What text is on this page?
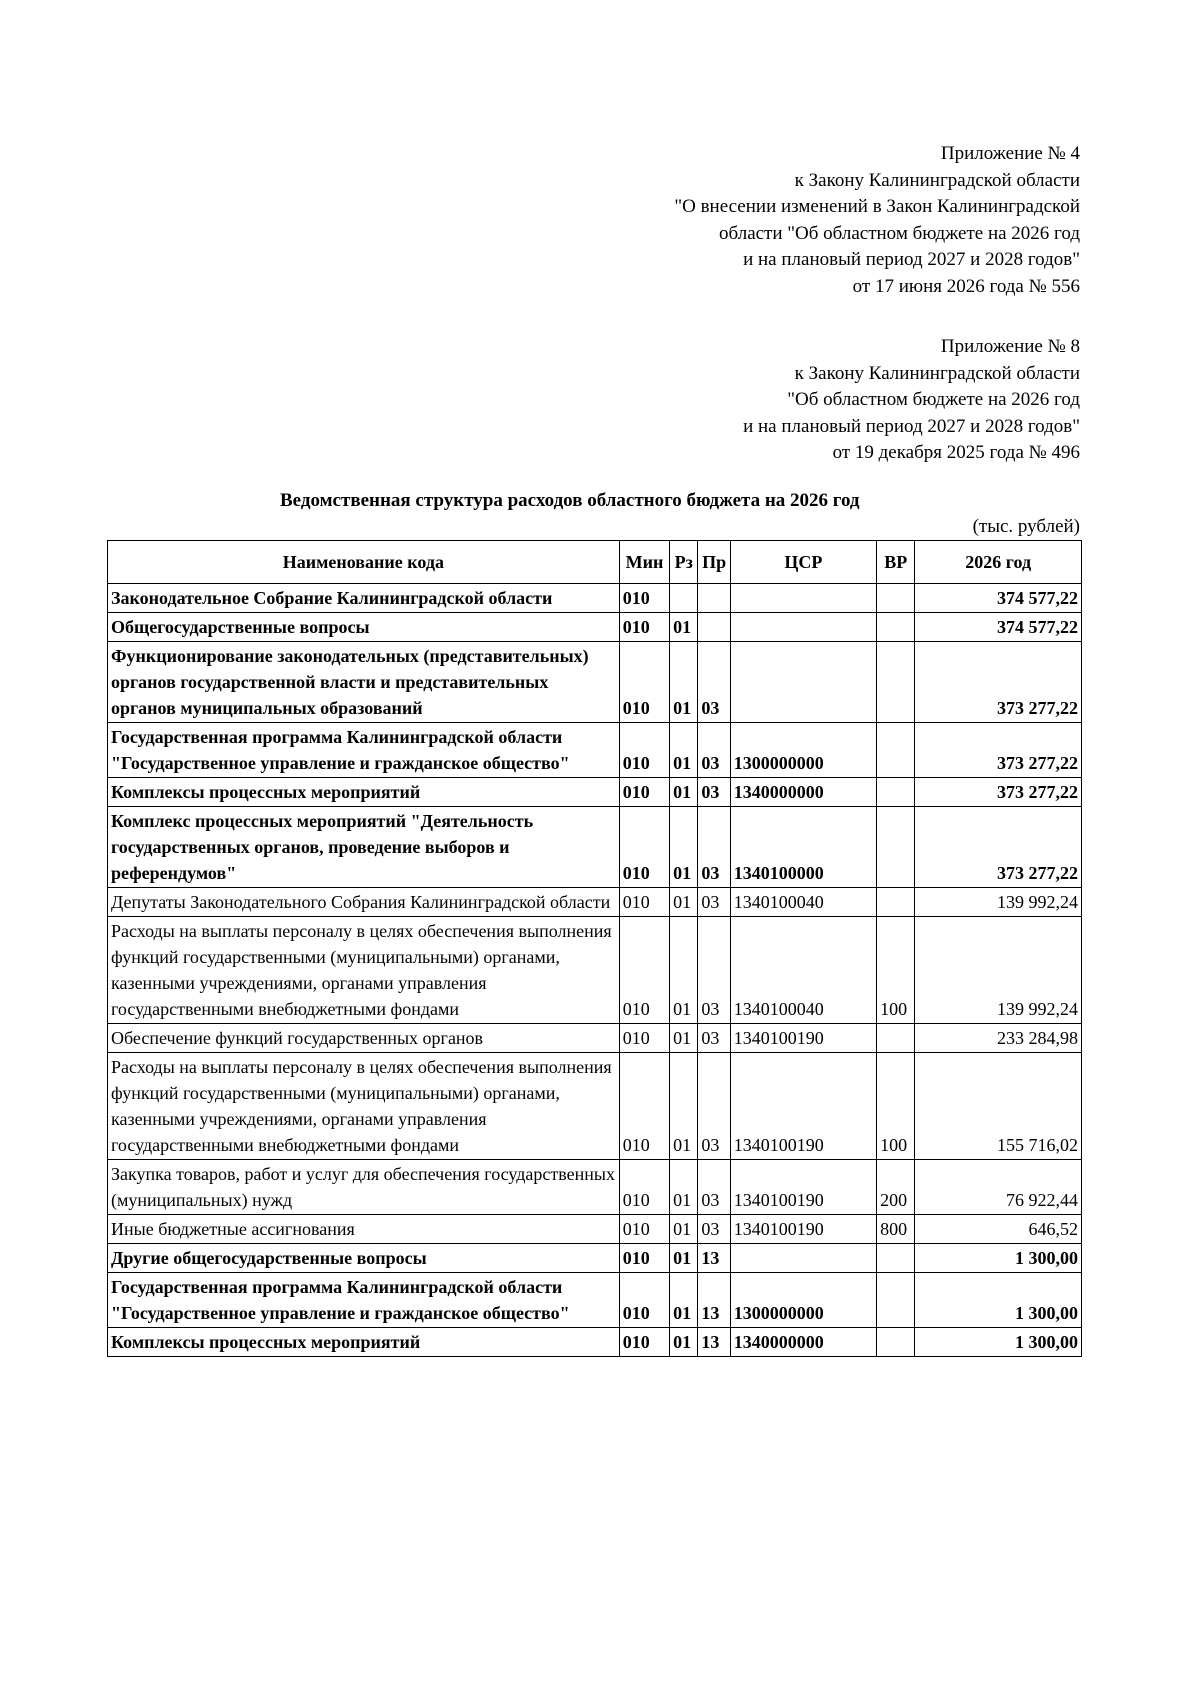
Приложение № 4
к Закону Калининградской области
"О внесении изменений в Закон Калининградской
области "Об областном бюджете на 2026 год
и на плановый период 2027 и 2028 годов"
от 17 июня 2026 года № 556
Приложение № 8
к Закону Калининградской области
"Об областном бюджете на 2026 год
и на плановый период 2027 и 2028 годов"
от 19 декабря 2025 года № 496
Ведомственная структура расходов областного бюджета на 2026 год
(тыс. рублей)
Наименование кода	Мин	Рз	Пр	ЦСР	ВР	2026 год
Законодательное Собрание Калининградской области	010					374 577,22
Общегосударственные вопросы	010	01				374 577,22
Функционирование законодательных (представительных) органов государственной власти и представительных органов муниципальных образований	010	01	03			373 277,22
Государственная программа Калининградской области "Государственное управление и гражданское общество"	010	01	03	1300000000		373 277,22
Комплексы процессных мероприятий	010	01	03	1340000000		373 277,22
Комплекс процессных мероприятий "Деятельность государственных органов, проведение выборов и референдумов"	010	01	03	1340100000		373 277,22
Депутаты Законодательного Собрания Калининградской области	010	01	03	1340100040		139 992,24
Расходы на выплаты персоналу в целях обеспечения выполнения функций государственными (муниципальными) органами, казенными учреждениями, органами управления государственными внебюджетными фондами	010	01	03	1340100040	100	139 992,24
Обеспечение функций государственных органов	010	01	03	1340100190		233 284,98
Расходы на выплаты персоналу в целях обеспечения выполнения функций государственными (муниципальными) органами, казенными учреждениями, органами управления государственными внебюджетными фондами	010	01	03	1340100190	100	155 716,02
Закупка товаров, работ и услуг для обеспечения государственных (муниципальных) нужд	010	01	03	1340100190	200	76 922,44
Иные бюджетные ассигнования	010	01	03	1340100190	800	646,52
Другие общегосударственные вопросы	010	01	13			1 300,00
Государственная программа Калининградской области "Государственное управление и гражданское общество"	010	01	13	1300000000		1 300,00
Комплексы процессных мероприятий	010	01	13	1340000000		1 300,00
